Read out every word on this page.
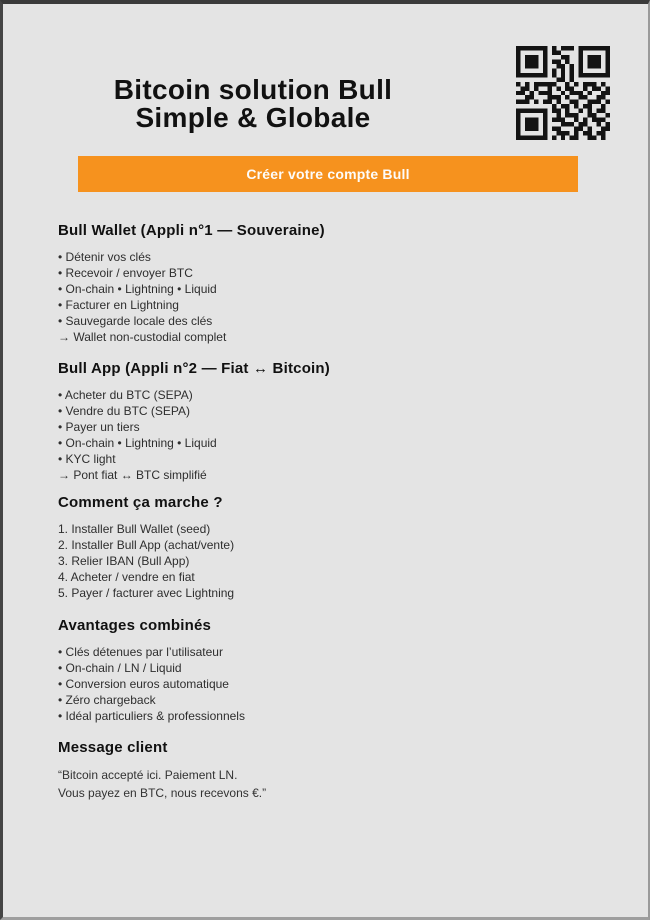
Bitcoin solution Bull
Simple & Globale
Créer votre compte Bull
Bull Wallet (Appli n°1 — Souveraine)
• Détenir vos clés
• Recevoir / envoyer BTC
• On-chain • Lightning • Liquid
• Facturer en Lightning
• Sauvegarde locale des clés
→ Wallet non-custodial complet
Bull App (Appli n°2 — Fiat ↔ Bitcoin)
• Acheter du BTC (SEPA)
• Vendre du BTC (SEPA)
• Payer un tiers
• On-chain • Lightning • Liquid
• KYC light
→ Pont fiat ↔ BTC simplifié
Comment ça marche ?
1. Installer Bull Wallet (seed)
2. Installer Bull App (achat/vente)
3. Relier IBAN (Bull App)
4. Acheter / vendre en fiat
5. Payer / facturer avec Lightning
Avantages combinés
• Clés détenues par l’utilisateur
• On-chain / LN / Liquid
• Conversion euros automatique
• Zéro chargeback
• Idéal particuliers & professionnels
Message client
“Bitcoin accepté ici. Paiement LN.
Vous payez en BTC, nous recevons €.”
